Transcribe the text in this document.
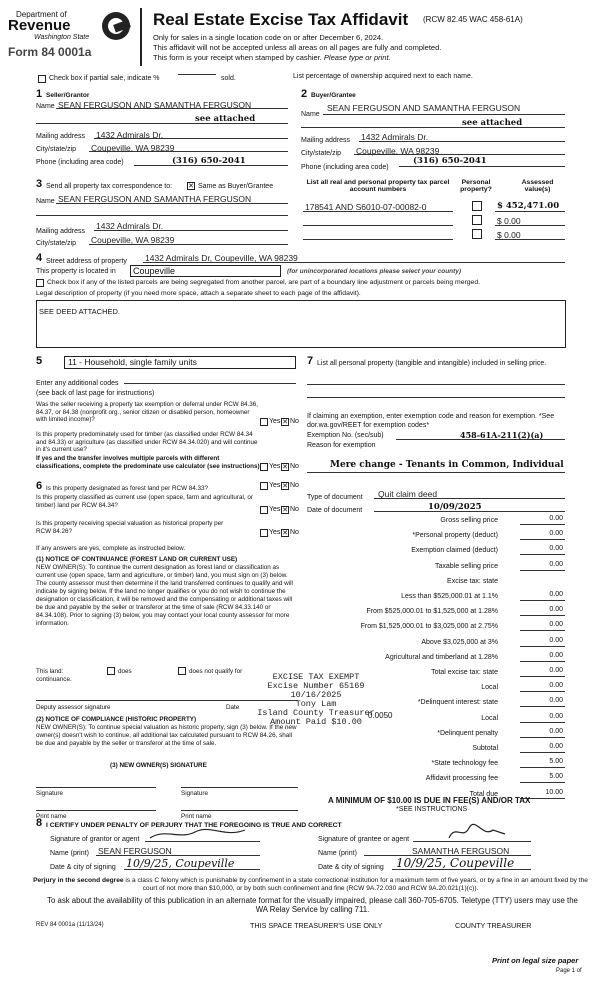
Department of
Revenue
Washington State
Form 84 0001a
Real Estate Excise Tax Affidavit (RCW 82.45 WAC 458-61A)
Only for sales in a single location code on or after December 6, 2024.
This affidavit will not be accepted unless all areas on all pages are fully and completed.
This form is your receipt when stamped by cashier. Please type or print.
Check box if partial sale, indicate %	sold.	List percentage of ownership acquired next to each name.
1 Seller/Grantor
Name SEAN FERGUSON AND SAMANTHA FERGUSON
see attached
Mailing address 1432 Admirals Dr.
City/state/zip Coupeville, WA 98239
Phone (including area code)	(316) 650-2041
2 Buyer/Grantee
Name
SEAN FERGUSON AND SAMANTHA FERGUSON
see attached
Mailing address 1432 Admirals Dr.
City/state/zip Coupeville, WA 98239
Phone (including area code)
(316) 650-2041
3 Send all property tax correspondence to: ✕ Same as Buyer/Grantee
Name SEAN FERGUSON AND SAMANTHA FERGUSON
Mailing address
1432 Admirals Dr.
City/state/zip Coupeville, WA 98239
List all real and personal property tax parcel account numbers
Personal property?
Assessed value(s)
178541 AND S6010-07-00082-0	$ 452,471.00
$ 0.00
$ 0.00
4 Street address of property 1432 Admirals Dr, Coupeville, WA 98239
This property is located in	Coupeville	(for unincorporated locations please select your county)
Check box if any of the listed parcels are being segregated from another parcel, are part of a boundary line adjustment or parcels being merged.
Legal description of property (if you need more space, attach a separate sheet to each page of the affidavit).
SEE DEED ATTACHED.
5	11 - Household, single family units
Enter any additional codes
(see back of last page for instructions)
Was the seller receiving a property tax exemption or deferral under RCW 84.36, 84.37, or 84.38 (nonprofit org., senior citizen or disabled person, homeowner with limited income)?	Yes ✕ No
Is this property predominately used for timber (as classified under RCW 84.34 and 84.33) or agriculture (as classified under RCW 84.34.020) and will continue in it's current use?
If yes and the transfer involves multiple parcels with different classifications, complete the predominate use calculator (see instructions) Yes ✕ No
6 Is this property designated as forest land per RCW 84.33?	Yes ✕ No
Is this property classified as current use (open space, farm and agricultural, or timber) land per RCW 84.34?
Yes ✕ No
Is this property receiving special valuation as historical property per RCW 84.26?	Yes ✕ No
If any answers are yes, complete as instructed below.
(1) NOTICE OF CONTINUANCE (FOREST LAND OR CURRENT USE)
NEW OWNER(S): To continue the current designation as forest land or classification as current use (open space, farm and agriculture, or timber) land, you must sign on (3) below. The county assessor must then determine if the land transferred continues to qualify and will indicate by signing below. If the land no longer qualifies or you do not wish to continue the designation or classification, it will be removed and the compensating or additional taxes will be due and payable by the seller or transferor at the time of sale (RCW 84.33.140 or 84.34.108). Prior to signing (3) below, you may contact your local county assessor for more information.
This land:
continuance.
does	does not qualify for
Deputy assessor signature	Date
(2) NOTICE OF COMPLIANCE (HISTORIC PROPERTY)
NEW OWNER(S): To continue special valuation as historic property, sign (3) below. If the new owner(s) doesn't wish to continue, all additional tax calculated pursuant to RCW 84.26, shall be due and payable by the seller or transferor at the time of sale.
(3) NEW OWNER(S) SIGNATURE
Signature	Signature
Print name	Print name
EXCISE TAX EXEMPT
Excise Number 65169
10/16/2025
Tony Lam
Island County Treasurer
Amount Paid $10.00
7 List all personal property (tangible and intangible) included in selling price.
If claiming an exemption, enter exemption code and reason for exemption. *See dor.wa.gov/REET for exemption codes*
Exemption No. (sec/sub)	458-61A-211(2)(a)
Reason for exemption
Mere change - Tenants in Common, Individual
Type of document Quit claim deed
Date of document	10/09/2025
Gross selling price	0.00
*Personal property (deduct)	0.00
Exemption claimed (deduct)	0.00
Taxable selling price	0.00
Excise tax: state
Less than $525,000.01 at 1.1%	0.00
From $525,000.01 to $1,525,000 at 1.28%	0.00
From $1,525,000.01 to $3,025,000 at 2.75%	0.00
Above $3,025,000 at 3%	0.00
Agricultural and timberland at 1.28%	0.00
Total excise tax: state	0.00
Local	0.00
*Delinquent interest: state	0.00
Local	0.00
*Delinquent penalty	0.00
Subtotal	0.00
*State technology fee	5.00
Affidavit processing fee	5.00
Total due	10.00
0.0050
A MINIMUM OF $10.00 IS DUE IN FEE(S) AND/OR TAX
*SEE INSTRUCTIONS
8 I CERTIFY UNDER PENALTY OF PERJURY THAT THE FOREGOING IS TRUE AND CORRECT
Signature of grantor or agent	Signature of grantee or agent
Name (print) SEAN FERGUSON	Name (print)	SAMANTHA FERGUSON
Date & city of signing 10/9/25, Coupeville	Date & city of signing 10/9/25, Coupeville
Perjury in the second degree is a class C felony which is punishable by confinement in a state correctional institution for a maximum term of five years, or by a fine in an amount fixed by the court of not more than $10,000, or by both such confinement and fine (RCW 9A.72.030 and RCW 9A.20.021(1)(c)).
To ask about the availability of this publication in an alternate format for the visually impaired, please call 360-705-6705. Teletype (TTY) users may use the WA Relay Service by calling 711.
REV 84 0001a (11/13/24)	THIS SPACE TREASURER'S USE ONLY	COUNTY TREASURER
Print on legal size paper
Page 1 of
